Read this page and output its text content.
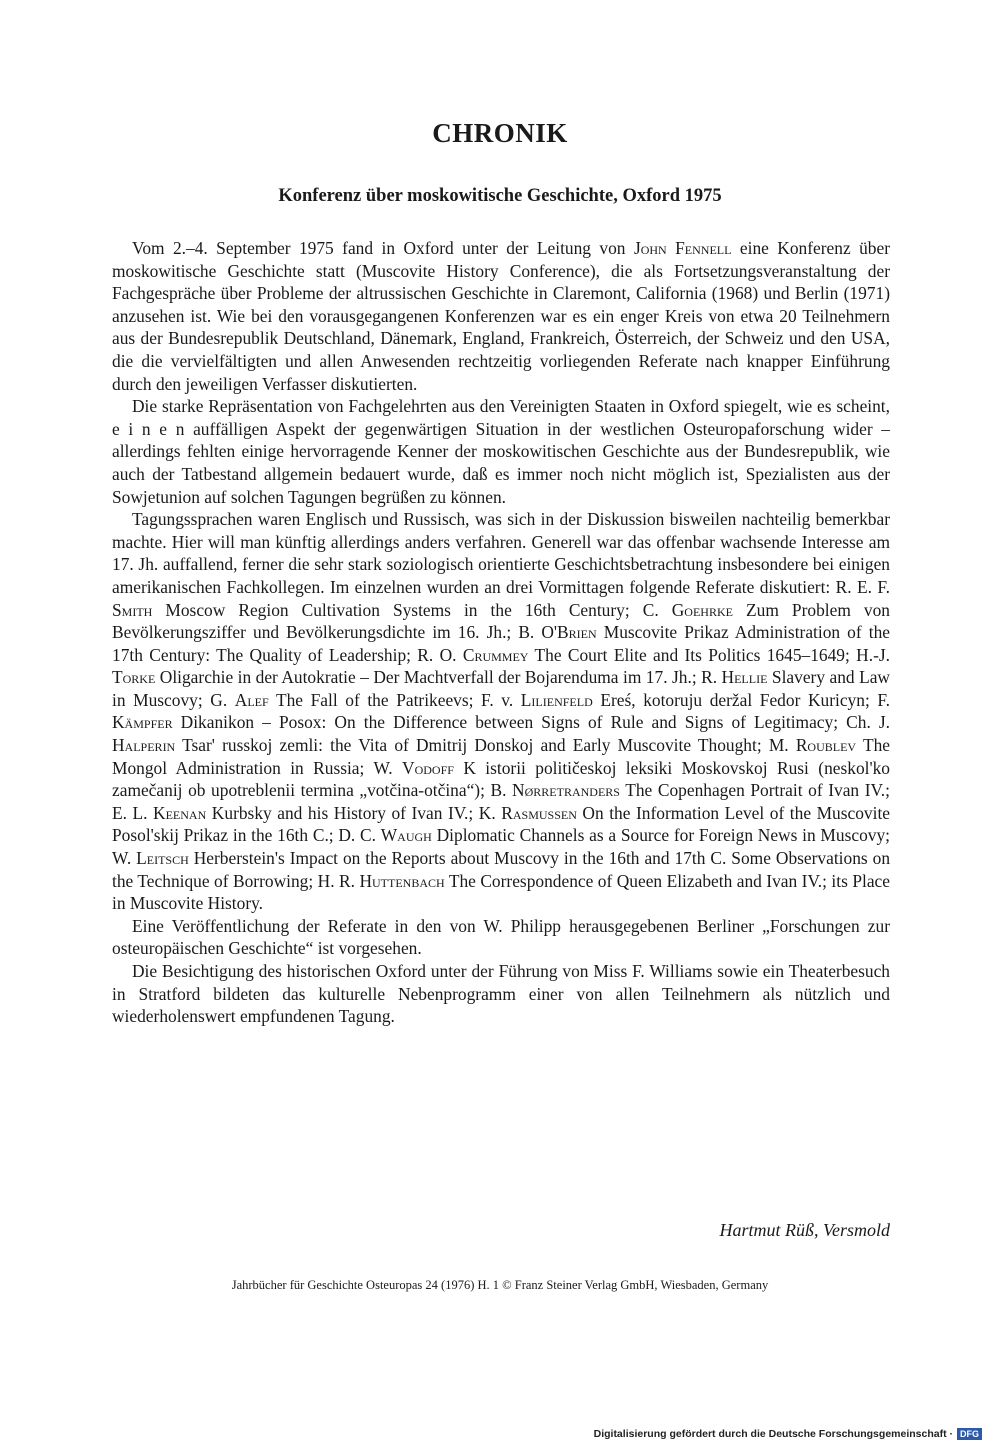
CHRONIK
Konferenz über moskowitische Geschichte, Oxford 1975

Vom 2.–4. September 1975 fand in Oxford unter der Leitung von John Fennell eine Konferenz über moskowitische Geschichte statt (Muscovite History Conference), die als Fortsetzungsveranstaltung der Fachgespräche über Probleme der altrussischen Geschichte in Claremont, California (1968) und Berlin (1971) anzusehen ist. Wie bei den vorausgegangenen Konferenzen war es ein enger Kreis von etwa 20 Teilnehmern aus der Bundesrepublik Deutschland, Dänemark, England, Frankreich, Österreich, der Schweiz und den USA, die die vervielfältigten und allen Anwesenden rechtzeitig vorliegenden Referate nach knapper Einführung durch den jeweiligen Verfasser diskutierten.

Die starke Repräsentation von Fachgelehrten aus den Vereinigten Staaten in Oxford spiegelt, wie es scheint, e i n e n auffälligen Aspekt der gegenwärtigen Situation in der westlichen Osteuropaforschung wider – allerdings fehlten einige hervorragende Kenner der moskowitischen Geschichte aus der Bundesrepublik, wie auch der Tatbestand allgemein bedauert wurde, daß es immer noch nicht möglich ist, Spezialisten aus der Sowjetunion auf solchen Tagungen begrüßen zu können.

Tagungssprachen waren Englisch und Russisch, was sich in der Diskussion bisweilen nachteilig bemerkbar machte. Hier will man künftig allerdings anders verfahren. Generell war das offenbar wachsende Interesse am 17. Jh. auffallend, ferner die sehr stark soziologisch orientierte Geschichtsbetrachtung insbesondere bei einigen amerikanischen Fachkollegen. Im einzelnen wurden an drei Vormittagen folgende Referate diskutiert: R. E. F. Smith Moscow Region Cultivation Systems in the 16th Century; C. Goehrke Zum Problem von Bevölkerungsziffer und Bevölkerungsdichte im 16. Jh.; B. O'Brien Muscovite Prikaz Administration of the 17th Century: The Quality of Leadership; R. O. Crummey The Court Elite and Its Politics 1645–1649; H.-J. Torke Oligarchie in der Autokratie – Der Machtverfall der Bojarenduma im 17. Jh.; R. Hellie Slavery and Law in Muscovy; G. Alef The Fall of the Patrikeevs; F. v. Lilienfeld Ereś, kotoruju deržal Fedor Kuricyn; F. Kämpfer Dikanikon – Posox: On the Difference between Signs of Rule and Signs of Legitimacy; Ch. J. Halperin Tsar' russkoj zemli: the Vita of Dmitrij Donskoj and Early Muscovite Thought; M. Roublev The Mongol Administration in Russia; W. Vodoff K istorii političeskoj leksiki Moskovskoj Rusi (neskol'ko zamečanij ob upotreblenii termina „votčina-otčina“); B. Nørretranders The Copenhagen Portrait of Ivan IV.; E. L. Keenan Kurbsky and his History of Ivan IV.; K. Rasmussen On the Information Level of the Muscovite Posol'skij Prikaz in the 16th C.; D. C. Waugh Diplomatic Channels as a Source for Foreign News in Muscovy; W. Leitsch Herberstein's Impact on the Reports about Muscovy in the 16th and 17th C. Some Observations on the Technique of Borrowing; H. R. Huttenbach The Correspondence of Queen Elizabeth and Ivan IV.; its Place in Muscovite History.

Eine Veröffentlichung der Referate in den von W. Philipp herausgegebenen Berliner „Forschungen zur osteuropäischen Geschichte“ ist vorgesehen.

Die Besichtigung des historischen Oxford unter der Führung von Miss F. Williams sowie ein Theaterbesuch in Stratford bildeten das kulturelle Nebenprogramm einer von allen Teilnehmern als nützlich und wiederholenswert empfundenen Tagung.

Hartmut Rüß, Versmold
Jahrbücher für Geschichte Osteuropas 24 (1976) H. 1 © Franz Steiner Verlag GmbH, Wiesbaden, Germany
Digitalisierung gefördert durch die Deutsche Forschungsgemeinschaft · DFG
